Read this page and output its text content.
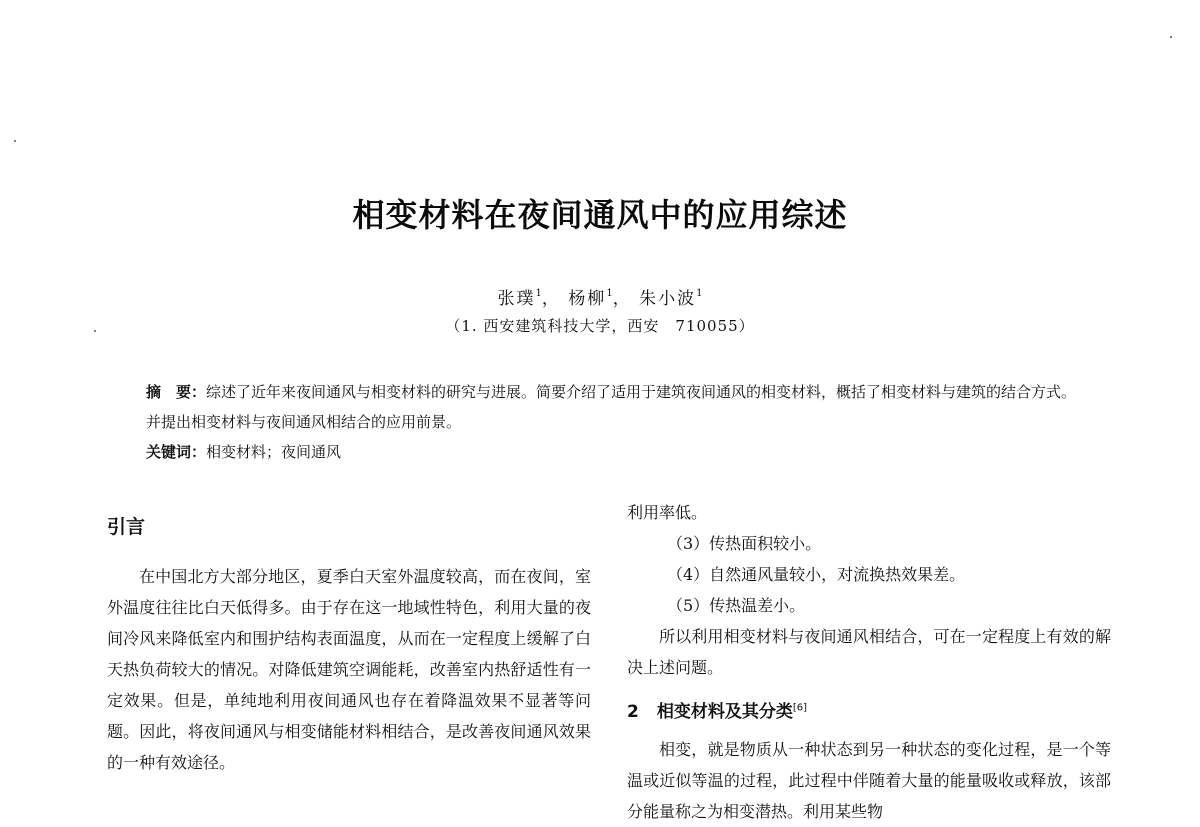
相变材料在夜间通风中的应用综述
张璞$^1$， 杨柳$^1$， 朱小波$^1$
（1. 西安建筑科技大学，西安　710055）
摘　要：综述了近年来夜间通风与相变材料的研究与进展。简要介绍了适用于建筑夜间通风的相变材料，概括了相变材料与建筑的结合方式。并提出相变材料与夜间通风相结合的应用前景。
关键词：相变材料；夜间通风
引言

在中国北方大部分地区，夏季白天室外温度较高，而在夜间，室外温度往往比白天低得多。由于存在这一地域性特色，利用大量的夜间冷风来降低室内和围护结构表面温度，从而在一定程度上缓解了白天热负荷较大的情况。对降低建筑空调能耗，改善室内热舒适性有一定效果。但是，单纯地利用夜间通风也存在着降温效果不显著等问题。因此，将夜间通风与相变储能材料相结合，是改善夜间通风效果的一种有效途径。

利用率低。

（3）传热面积较小。

（4）自然通风量较小，对流换热效果差。

（5）传热温差小。

所以利用相变材料与夜间通风相结合，可在一定程度上有效的解决上述问题。

2 相变材料及其分类[6]

相变，就是物质从一种状态到另一种状态的变化过程，是一个等温或近似等温的过程，此过程中伴随着大量的能量吸收或释放，该部分能量称之为相变潜热。利用某些物
